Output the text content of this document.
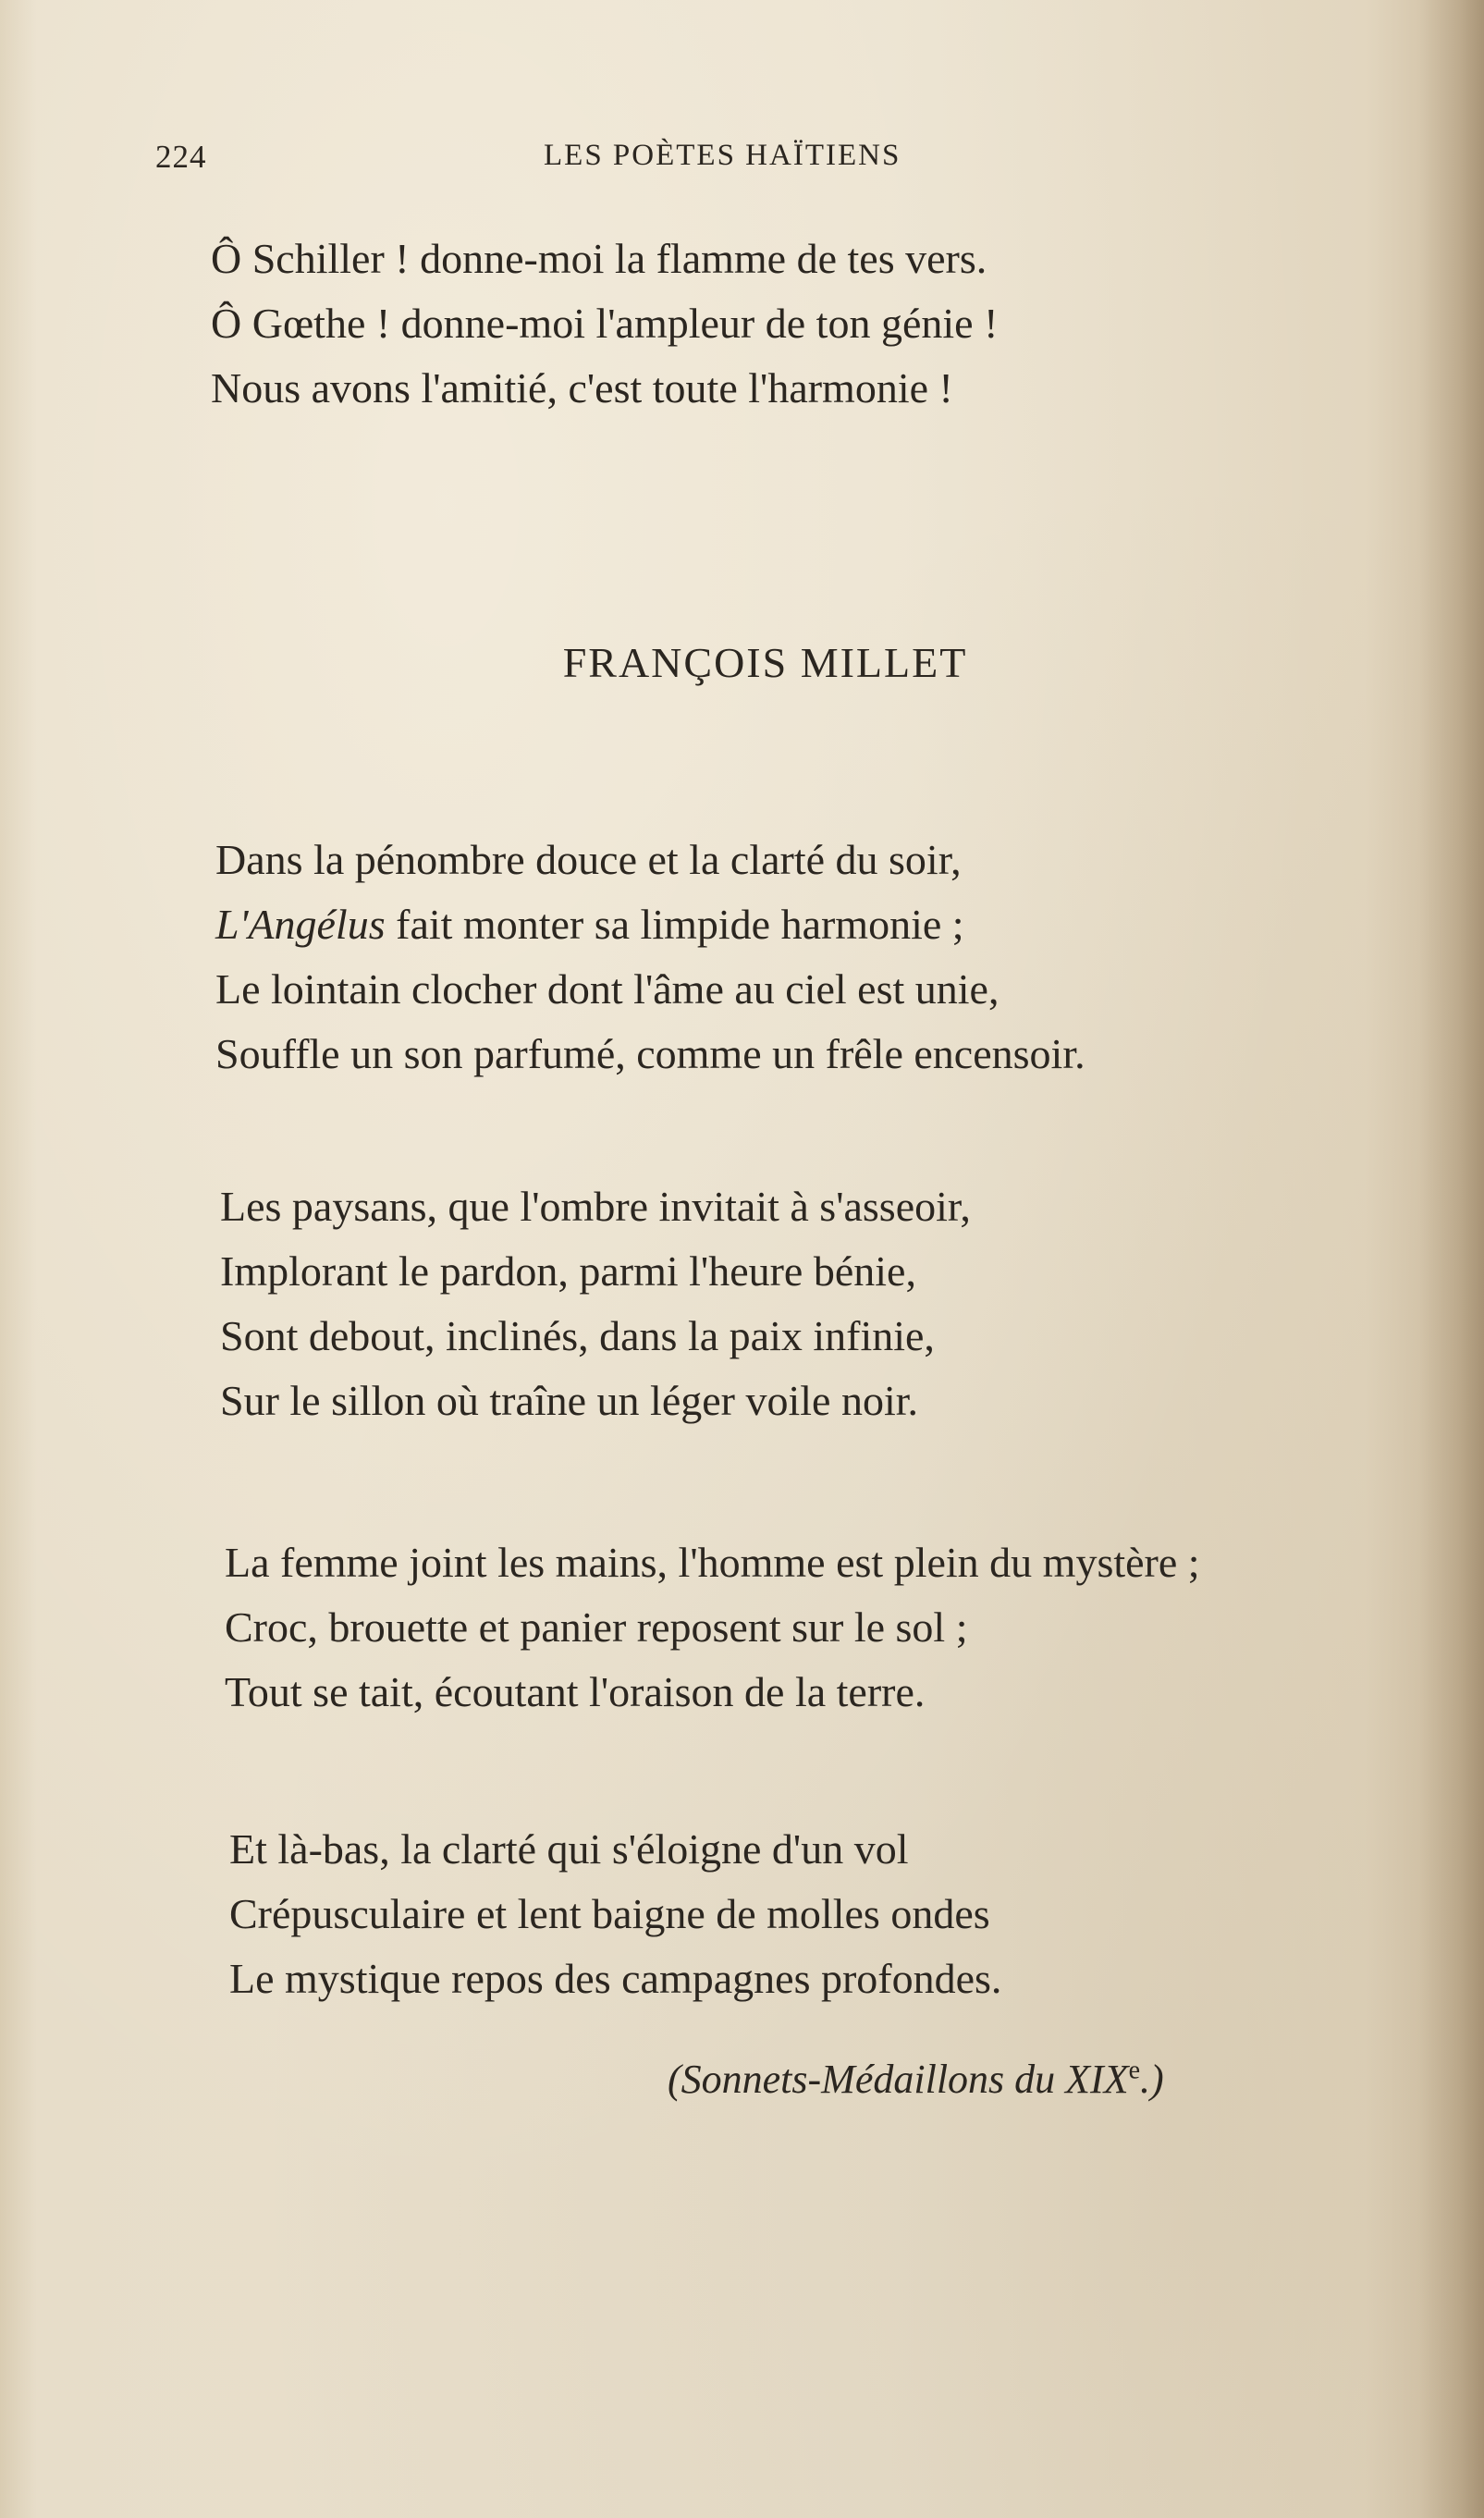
224	LES POÈTES HAÏTIENS
Ô Schiller ! donne-moi la flamme de tes vers.
Ô Gœthe ! donne-moi l'ampleur de ton génie !
Nous avons l'amitié, c'est toute l'harmonie !
FRANÇOIS MILLET
Dans la pénombre douce et la clarté du soir,
L'Angélus fait monter sa limpide harmonie ;
Le lointain clocher dont l'âme au ciel est unie,
Souffle un son parfumé, comme un frêle encensoir.
Les paysans, que l'ombre invitait à s'asseoir,
Implorant le pardon, parmi l'heure bénie,
Sont debout, inclinés, dans la paix infinie,
Sur le sillon où traîne un léger voile noir.
La femme joint les mains, l'homme est plein du mystère ;
Croc, brouette et panier reposent sur le sol ;
Tout se tait, écoutant l'oraison de la terre.
Et là-bas, la clarté qui s'éloigne d'un vol
Crépusculaire et lent baigne de molles ondes
Le mystique repos des campagnes profondes.
(Sonnets-Médaillons du XIXe.)
